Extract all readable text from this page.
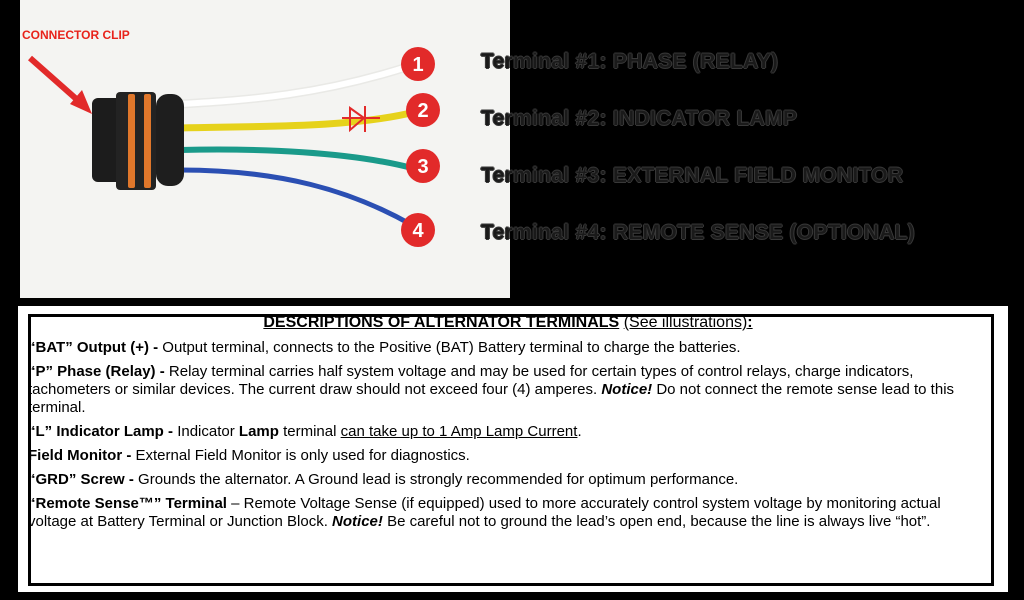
1
2
3
4
CONNECTOR CLIP
Terminal #1: PHASE (RELAY)
Terminal #2: INDICATOR LAMP
Terminal #3: EXTERNAL FIELD MONITOR
Terminal #4: REMOTE SENSE (OPTIONAL)
DESCRIPTIONS OF ALTERNATOR TERMINALS (See illustrations):

“BAT” Output (+) - Output terminal, connects to the Positive (BAT) Battery terminal to charge the batteries.

“P” Phase (Relay) - Relay terminal carries half system voltage and may be used for certain types of control relays, charge indicators, tachometers or similar devices. The current draw should not exceed four (4) amperes. Notice! Do not connect the remote sense lead to this terminal.

“L” Indicator Lamp - Indicator Lamp terminal can take up to 1 Amp Lamp Current.

Field Monitor - External Field Monitor is only used for diagnostics.

“GRD” Screw - Grounds the alternator. A Ground lead is strongly recommended for optimum performance.

“Remote Sense™” Terminal – Remote Voltage Sense (if equipped) used to more accurately control system voltage by monitoring actual voltage at Battery Terminal or Junction Block. Notice! Be careful not to ground the lead’s open end, because the line is always live “hot”.
